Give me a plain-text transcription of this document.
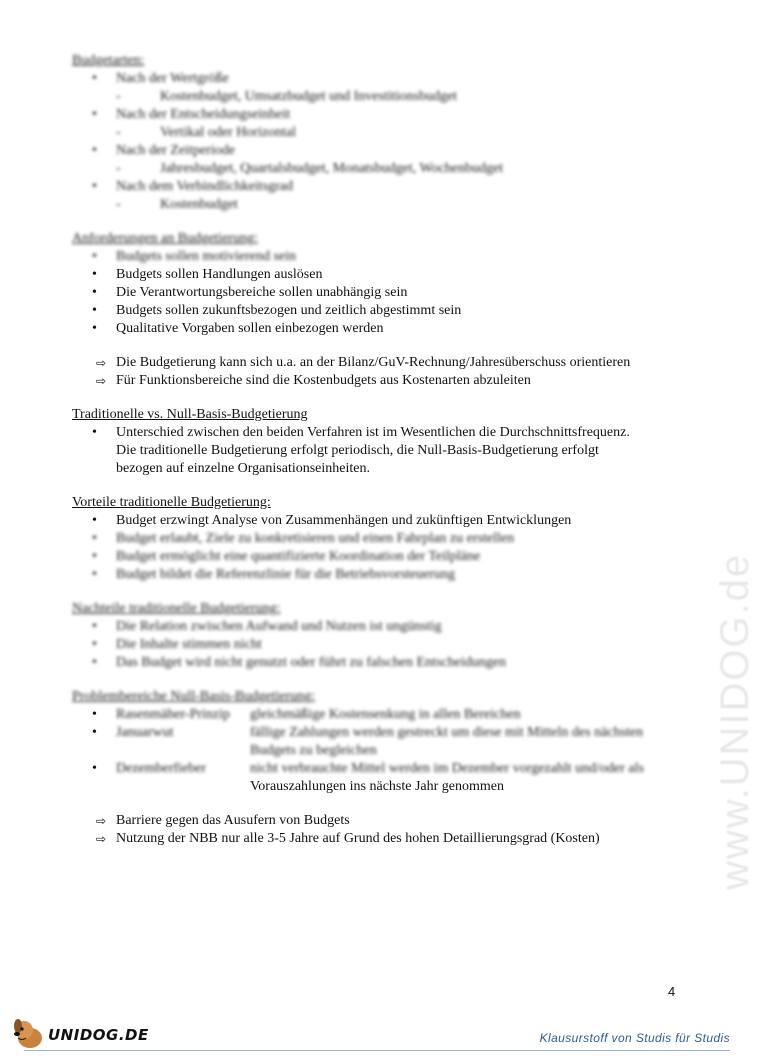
www.UNIDOG.de

Budgetarten:

• Nach der Wertgröße
- Kostenbudget, Umsatzbudget und Investitionsbudget
• Nach der Entscheidungseinheit
- Vertikal oder Horizontal
• Nach der Zeitperiode
- Jahresbudget, Quartalsbudget, Monatsbudget, Wochenbudget
• Nach dem Verbindlichkeitsgrad
- Kostenbudget

Anforderungen an Budgetierung:

• Budgets sollen motivierend sein
• Budgets sollen Handlungen auslösen
• Die Verantwortungsbereiche sollen unabhängig sein
• Budgets sollen zukunftsbezogen und zeitlich abgestimmt sein
• Qualitative Vorgaben sollen einbezogen werden
⇨ Die Budgetierung kann sich u.a. an der Bilanz/GuV-Rechnung/Jahresüberschuss orientieren
⇨ Für Funktionsbereiche sind die Kostenbudgets aus Kostenarten abzuleiten

Traditionelle vs. Null-Basis-Budgetierung

• Unterschied zwischen den beiden Verfahren ist im Wesentlichen die Durchschnittsfrequenz.
Die traditionelle Budgetierung erfolgt periodisch, die Null-Basis-Budgetierung erfolgt
bezogen auf einzelne Organisationseinheiten.

Vorteile traditionelle Budgetierung:

• Budget erzwingt Analyse von Zusammenhängen und zukünftigen Entwicklungen
• Budget erlaubt, Ziele zu konkretisieren und einen Fahrplan zu erstellen
• Budget ermöglicht eine quantifizierte Koordination der Teilpläne
• Budget bildet die Referenzlinie für die Betriebsvorsteuerung

Nachteile traditionelle Budgetierung:

• Die Relation zwischen Aufwand und Nutzen ist ungünstig
• Die Inhalte stimmen nicht
• Das Budget wird nicht genutzt oder führt zu falschen Entscheidungen

Problembereiche Null-Basis-Budgetierung:

• Rasenmäher-Prinzip gleichmäßige Kostensenkung in allen Bereichen
• Januarwut	fällige Zahlungen werden gestreckt um diese mit Mitteln des nächsten
Budgets zu begleichen
• Dezemberfieber	nicht verbrauchte Mittel werden im Dezember vorgezahlt und/oder als
Vorauszahlungen ins nächste Jahr genommen
⇨ Barriere gegen das Ausufern von Budgets
⇨ Nutzung der NBB nur alle 3-5 Jahre auf Grund des hohen Detaillierungsgrad (Kosten)
4
UNIDOG.DE	Klausurstoff von Studis für Studis
